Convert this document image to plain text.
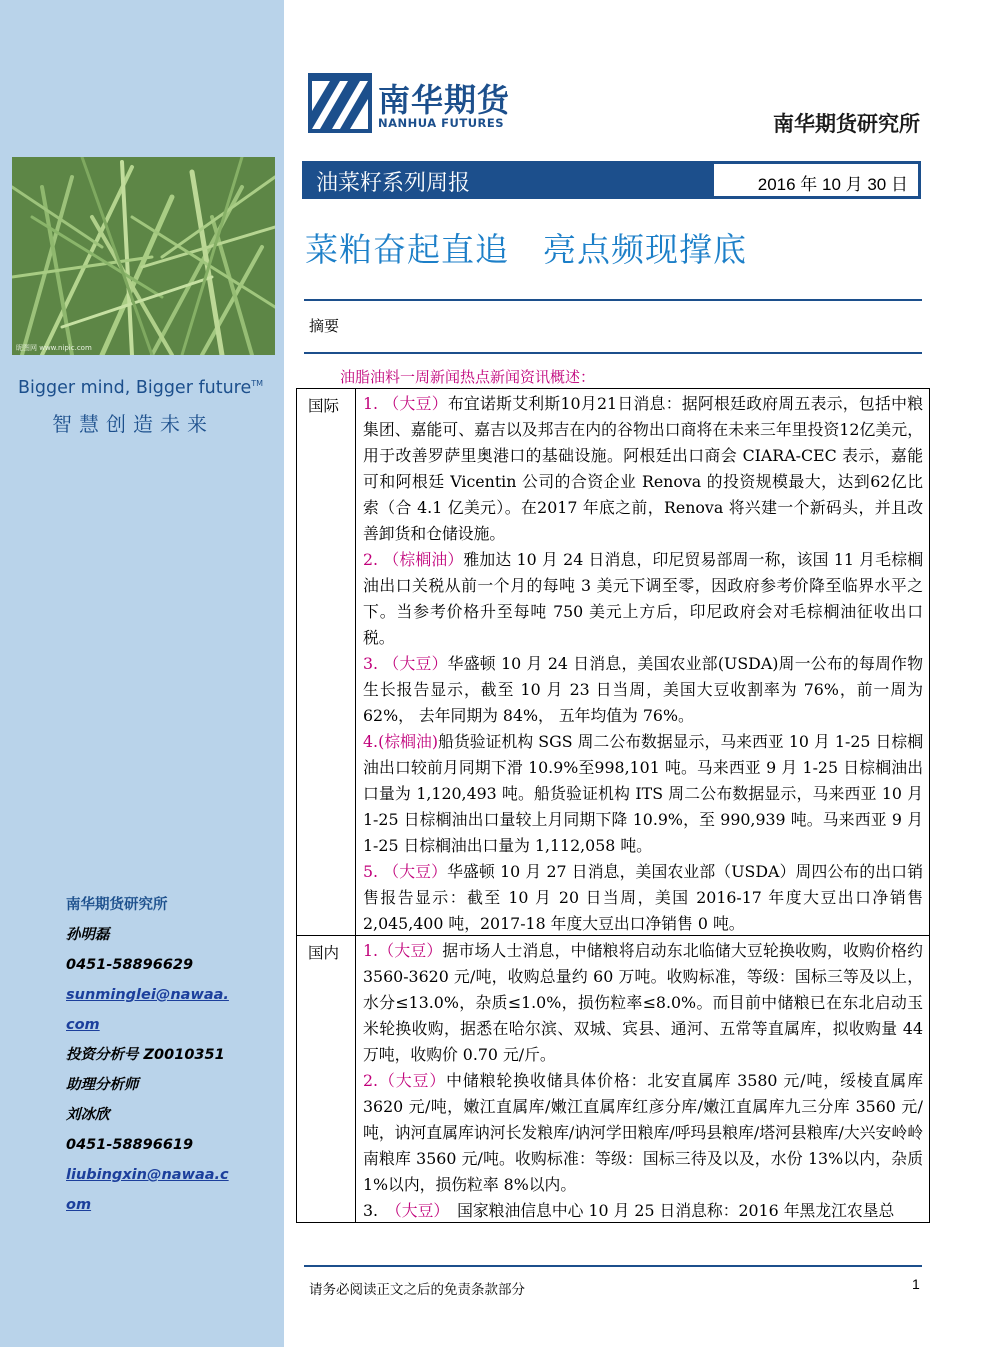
昵图网 www.nipic.com
Bigger mind, Bigger future™
智慧创造未来
南华期货研究所
孙明磊
0451-58896629
sunminglei@nawaa.
com
投资分析号 Z0010351
助理分析师
刘冰欣
0451-58896619
liubingxin@nawaa.c
om
南华期货
NANHUA FUTURES	南华期货研究所
油菜籽系列周报	2016 年 10 月 30 日
菜粕奋起直追　亮点频现撑底
摘要
油脂油料一周新闻热点新闻资讯概述：
国际	1. （大豆）布宜诺斯艾利斯10月21日消息：据阿根廷政府周五表示，包括中粮集团、嘉能可、嘉吉以及邦吉在内的谷物出口商将在未来三年里投资12亿美元，用于改善罗萨里奥港口的基础设施。阿根廷出口商会 CIARA-CEC 表示，嘉能可和阿根廷 Vicentin 公司的合资企业 Renova 的投资规模最大，达到62亿比索（合 4.1 亿美元）。在2017 年底之前，Renova 将兴建一个新码头，并且改善卸货和仓储设施。

2. （棕榈油）雅加达 10 月 24 日消息，印尼贸易部周一称，该国 11 月毛棕榈油出口关税从前一个月的每吨 3 美元下调至零，因政府参考价降至临界水平之下。当参考价格升至每吨 750 美元上方后，印尼政府会对毛棕榈油征收出口税。

3. （大豆）华盛顿 10 月 24 日消息，美国农业部(USDA)周一公布的每周作物生长报告显示，截至 10 月 23 日当周，美国大豆收割率为 76%，前一周为 62%， 去年同期为 84%， 五年均值为 76%。

4.(棕榈油)船货验证机构 SGS 周二公布数据显示，马来西亚 10 月 1-25 日棕榈油出口较前月同期下滑 10.9%至998,101 吨。马来西亚 9 月 1-25 日棕榈油出口量为 1,120,493 吨。船货验证机构 ITS 周二公布数据显示，马来西亚 10 月 1-25 日棕榈油出口量较上月同期下降 10.9%，至 990,939 吨。马来西亚 9 月 1-25 日棕榈油出口量为 1,112,058 吨。

5. （大豆）华盛顿 10 月 27 日消息，美国农业部（USDA）周四公布的出口销售报告显示：截至 10 月 20 日当周，美国 2016-17 年度大豆出口净销售 2,045,400 吨，2017-18 年度大豆出口净销售 0 吨。

国内	1.（大豆）据市场人士消息，中储粮将启动东北临储大豆轮换收购，收购价格约 3560-3620 元/吨，收购总量约 60 万吨。收购标准，等级：国标三等及以上，水分≤13.0%，杂质≤1.0%，损伤粒率≤8.0%。而目前中储粮已在东北启动玉米轮换收购，据悉在哈尔滨、双城、宾县、通河、五常等直属库，拟收购量 44 万吨，收购价 0.70 元/斤。

2.（大豆）中储粮轮换收储具体价格：北安直属库 3580 元/吨，绥棱直属库 3620 元/吨，嫩江直属库/嫩江直属库红彦分库/嫩江直属库九三分库 3560 元/吨，讷河直属库讷河长发粮库/讷河学田粮库/呼玛县粮库/塔河县粮库/大兴安岭岭南粮库 3560 元/吨。收购标准：等级：国标三待及以及，水份 13%以内，杂质 1%以内，损伤粒率 8%以内。

3.　（大豆）　国家粮油信息中心 10 月 25 日消息称：2016 年黑龙江农垦总

请务必阅读正文之后的免责条款部分	1
